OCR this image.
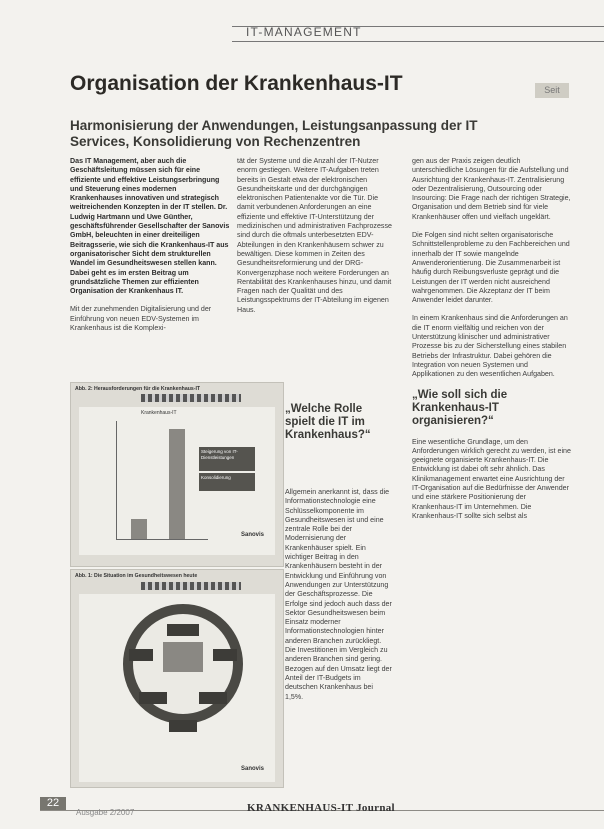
IT-MANAGEMENT
Organisation der Krankenhaus-IT	Seit
Harmonisierung der Anwendungen, Leistungsanpassung der IT Services, Konsolidierung von Rechenzentren

Das IT Management, aber auch die Geschäftsleitung müssen sich für eine effiziente und effektive Leistungserbringung und Steuerung eines modernen Krankenhauses innovativen und strategisch weitreichenden Konzepten in der IT stellen. Dr. Ludwig Hartmann und Uwe Günther, geschäftsführender Gesellschafter der Sanovis GmbH, beleuchten in einer dreiteiligen Beitragsserie, wie sich die Krankenhaus-IT aus organisatorischer Sicht dem strukturellen Wandel im Gesundheitswesen stellen kann. Dabei geht es im ersten Beitrag um grundsätzliche Themen zur effizienten Organisation der Krankenhaus IT.

Mit der zunehmenden Digitalisierung und der Einführung von neuen EDV-Systemen im Krankenhaus ist die Komplexi-

tät der Systeme und die Anzahl der IT-Nutzer enorm gestiegen. Weitere IT-Aufgaben treten bereits in Gestalt etwa der elektronischen Gesundheitskarte und der durchgängigen elektronischen Patientenakte vor die Tür. Die damit verbundenen Anforderungen an eine effiziente und effektive IT-Unterstützung der medizinischen und administrativen Fachprozesse sind durch die oftmals unterbesetzten EDV-Abteilungen in den Krankenhäusern schwer zu bewältigen. Diese kommen in Zeiten des Gesundheitsreformierung und der DRG-Konvergenzphase noch weitere Forderungen an Rentabilität des Krankenhauses hinzu, und damit Fragen nach der Qualität und des Leistungsspektrums der IT-Abteilung im eigenen Haus.

Abb. 2: Herausforderungen für die Krankenhaus-IT
Krankenhaus-IT
Steigerung von IT-Dienstleistungen
Konsolidierung
Sanovis
Abb. 1: Die Situation im Gesundheitswesen heute
Sanovis
„Welche Rolle spielt die IT im Krankenhaus?“

Allgemein anerkannt ist, dass die Informationstechnologie eine Schlüsselkomponente im Gesundheitswesen ist und eine zentrale Rolle bei der Modernisierung der Krankenhäuser spielt. Ein wichtiger Beitrag in den Krankenhäusern besteht in der Entwicklung und Einführung von Anwendungen zur Unterstützung der Geschäftsprozesse. Die Erfolge sind jedoch auch dass der Sektor Gesundheitswesen beim Einsatz moderner Informationstechnologien hinter anderen Branchen zurückliegt. Die Investitionen im Vergleich zu anderen Branchen sind gering. Bezogen auf den Umsatz liegt der Anteil der IT-Budgets im deutschen Krankenhaus bei 1,5%.

gen aus der Praxis zeigen deutlich unterschiedliche Lösungen für die Aufstellung und Ausrichtung der Krankenhaus-IT. Zentralisierung oder Dezentralisierung, Outsourcing oder Insourcing: Die Frage nach der richtigen Strategie, Organisation und dem Betrieb sind für viele Krankenhäuser offen und vielfach ungeklärt.

Die Folgen sind nicht selten organisatorische Schnittstellenprobleme zu den Fachbereichen und innerhalb der IT sowie mangelnde Anwenderorientierung. Die Zusammenarbeit ist häufig durch Reibungsverluste geprägt und die Leistungen der IT werden nicht ausreichend wahrgenommen. Die Akzeptanz der IT beim Anwender leidet darunter.

In einem Krankenhaus sind die Anforderungen an die IT enorm vielfältig und reichen von der Unterstützung klinischer und administrativer Prozesse bis zu der Sicherstellung eines stabilen Betriebs der Infrastruktur. Dabei gehören die Integration von neuen Systemen und Applikationen zu den wesentlichen Aufgaben.

„Wie soll sich die Krankenhaus-IT organisieren?“

Eine wesentliche Grundlage, um den Anforderungen wirklich gerecht zu werden, ist eine geeignete organisierte Krankenhaus-IT. Die Entwicklung ist dabei oft sehr ähnlich. Das Klinikmanagement erwartet eine Ausrichtung der IT-Organisation auf die Bedürfnisse der Anwender und eine stärkere Positionierung der Krankenhaus-IT im Unternehmen. Die Krankenhaus-IT sollte sich selbst als

22
Ausgabe 2/2007	KRANKENHAUS-IT Journal
